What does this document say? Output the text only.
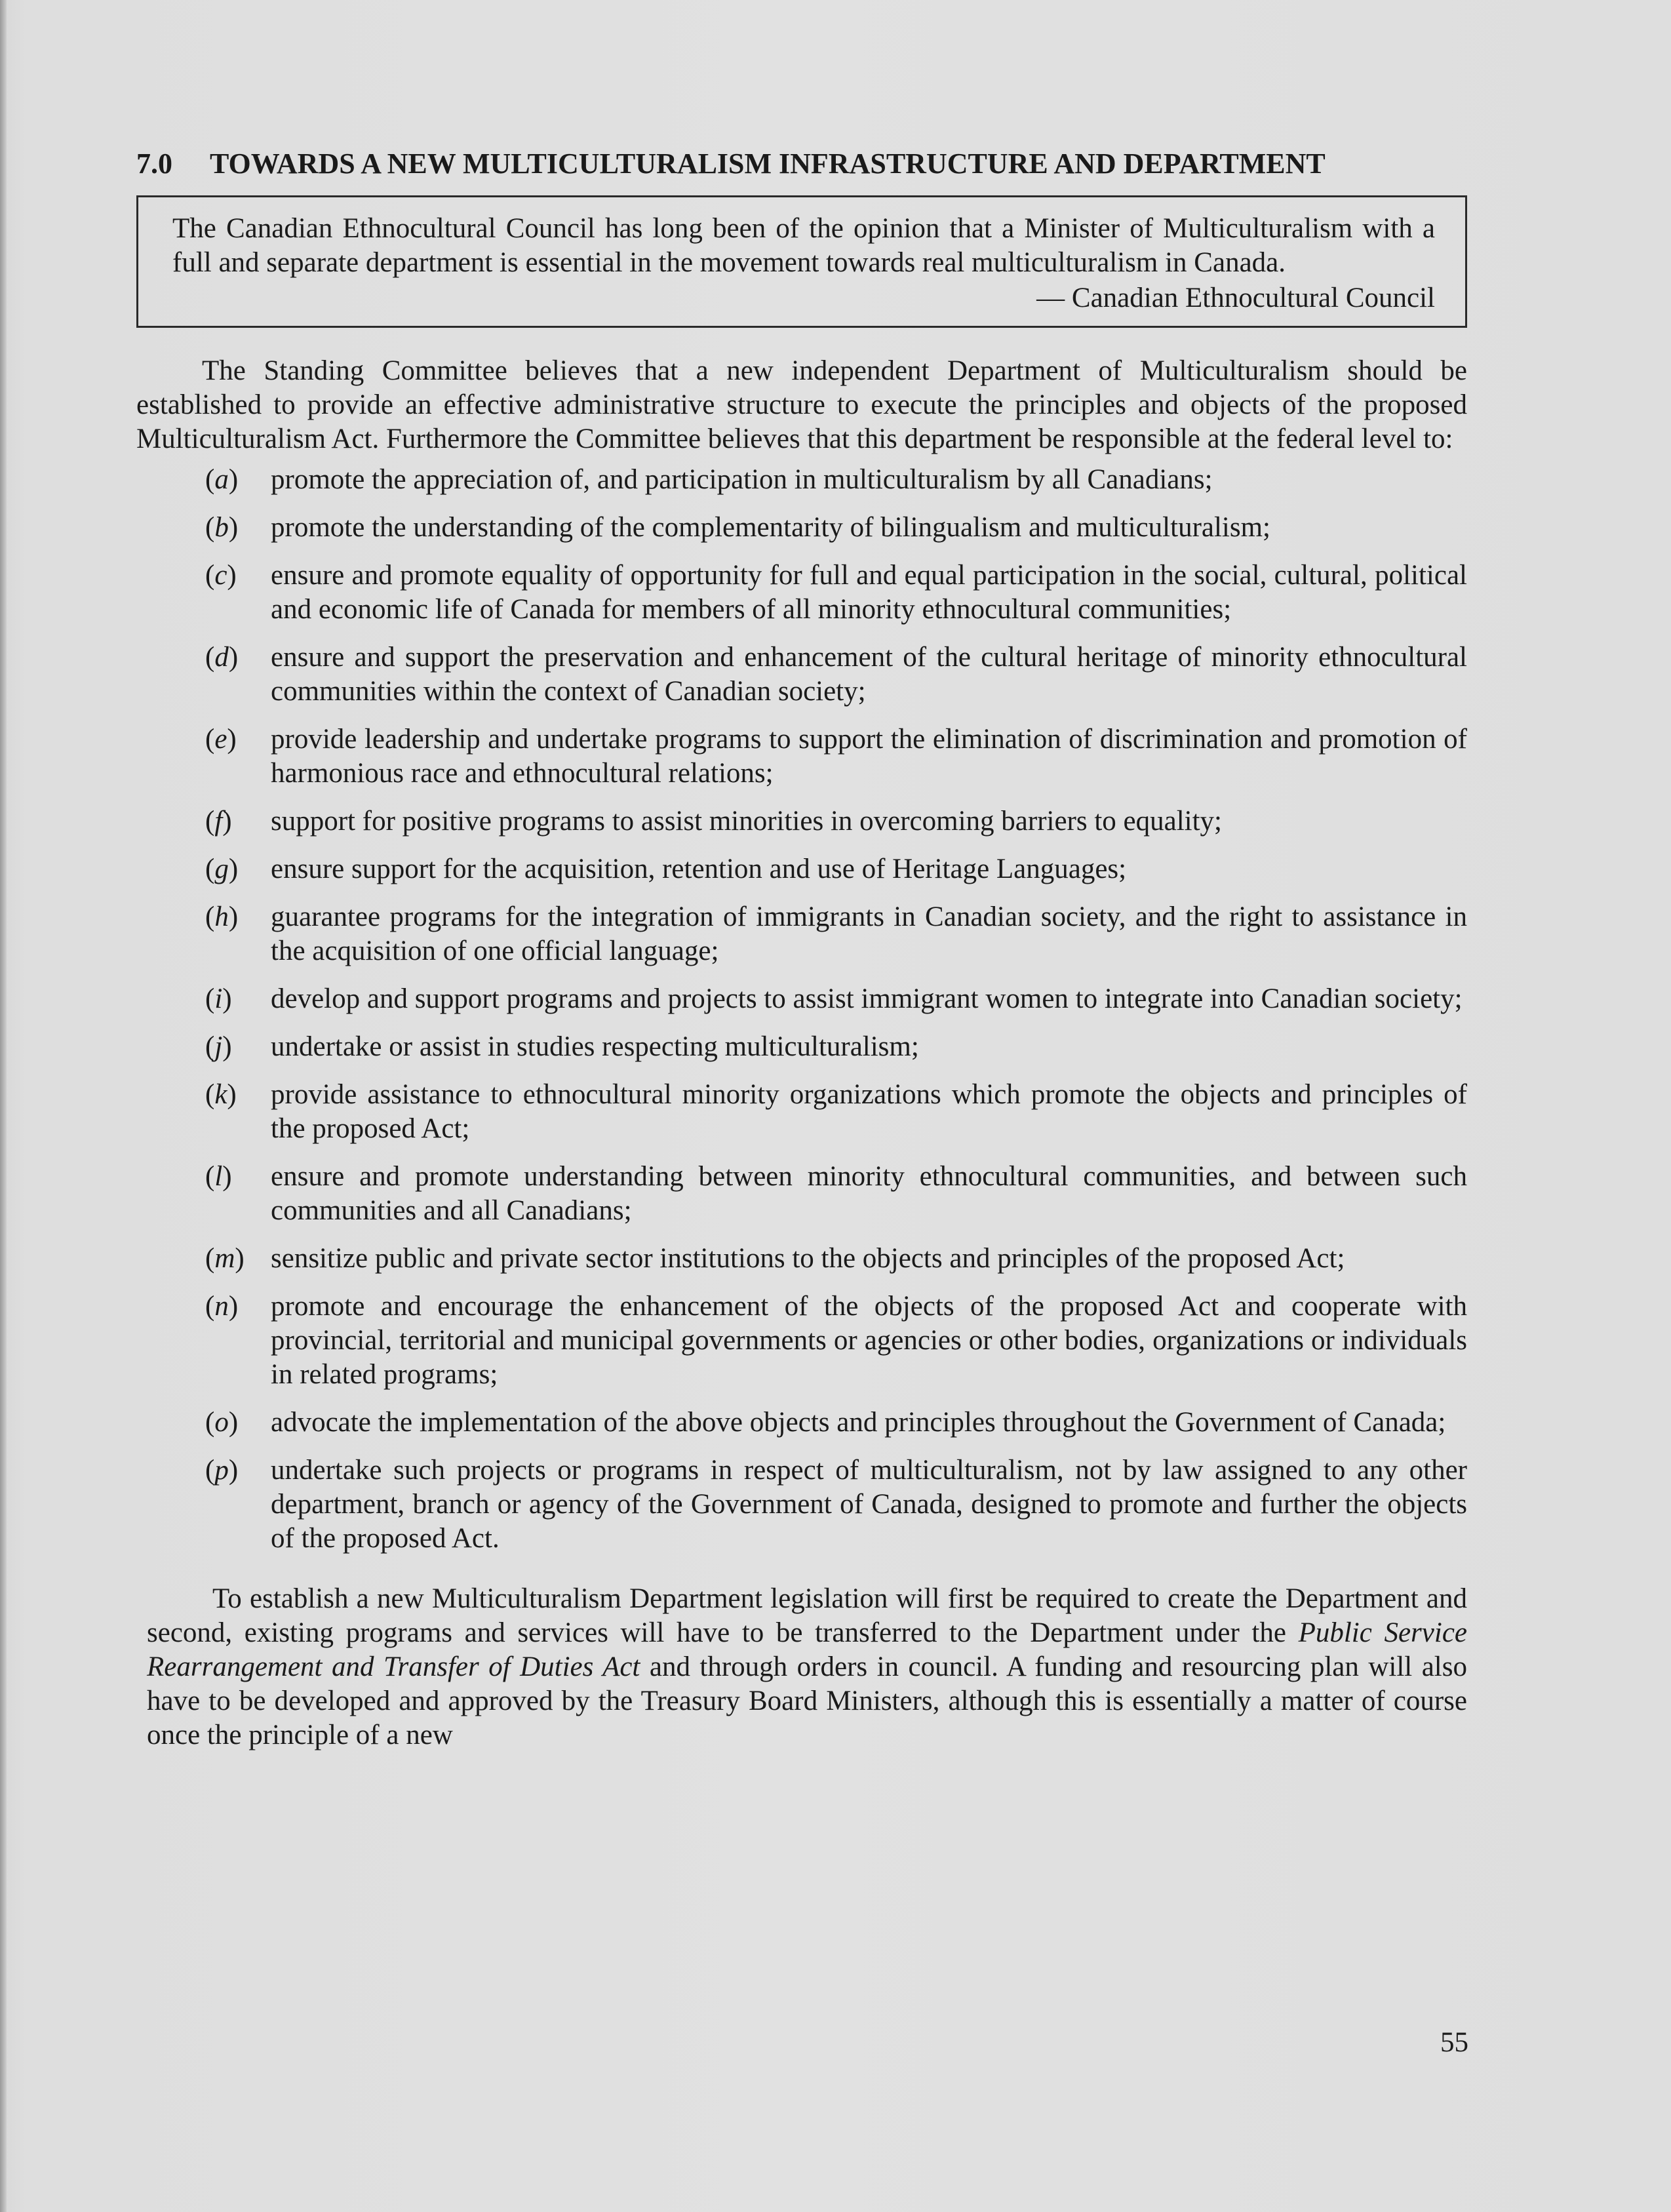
7.0	TOWARDS A NEW MULTICULTURALISM INFRASTRUCTURE AND DEPARTMENT
The Canadian Ethnocultural Council has long been of the opinion that a Minister of Multiculturalism with a full and separate department is essential in the movement towards real multiculturalism in Canada.
— Canadian Ethnocultural Council

The Standing Committee believes that a new independent Department of Multiculturalism should be established to provide an effective administrative structure to execute the principles and objects of the proposed Multiculturalism Act. Furthermore the Committee believes that this department be responsible at the federal level to:

(a)	promote the appreciation of, and participation in multiculturalism by all Canadians;
(b)	promote the understanding of the complementarity of bilingualism and multiculturalism;
(c)	ensure and promote equality of opportunity for full and equal participation in the social, cultural, political and economic life of Canada for members of all minority ethnocultural communities;
(d)	ensure and support the preservation and enhancement of the cultural heritage of minority ethnocultural communities within the context of Canadian society;
(e)	provide leadership and undertake programs to support the elimination of discrimination and promotion of harmonious race and ethnocultural relations;
(f)	support for positive programs to assist minorities in overcoming barriers to equality;
(g)	ensure support for the acquisition, retention and use of Heritage Languages;
(h)	guarantee programs for the integration of immigrants in Canadian society, and the right to assistance in the acquisition of one official language;
(i)	develop and support programs and projects to assist immigrant women to integrate into Canadian society;
(j)	undertake or assist in studies respecting multiculturalism;
(k)	provide assistance to ethnocultural minority organizations which promote the objects and principles of the proposed Act;
(l)	ensure and promote understanding between minority ethnocultural communities, and between such communities and all Canadians;
(m) sensitize public and private sector institutions to the objects and principles of the proposed Act;
(n)	promote and encourage the enhancement of the objects of the proposed Act and cooperate with provincial, territorial and municipal governments or agencies or other bodies, organizations or individuals in related programs;
(o)	advocate the implementation of the above objects and principles throughout the Government of Canada;
(p)	undertake such projects or programs in respect of multiculturalism, not by law assigned to any other department, branch or agency of the Government of Canada, designed to promote and further the objects of the proposed Act.

To establish a new Multiculturalism Department legislation will first be required to create the Department and second, existing programs and services will have to be transferred to the Department under the Public Service Rearrangement and Transfer of Duties Act and through orders in council. A funding and resourcing plan will also have to be developed and approved by the Treasury Board Ministers, although this is essentially a matter of course once the principle of a new

55
